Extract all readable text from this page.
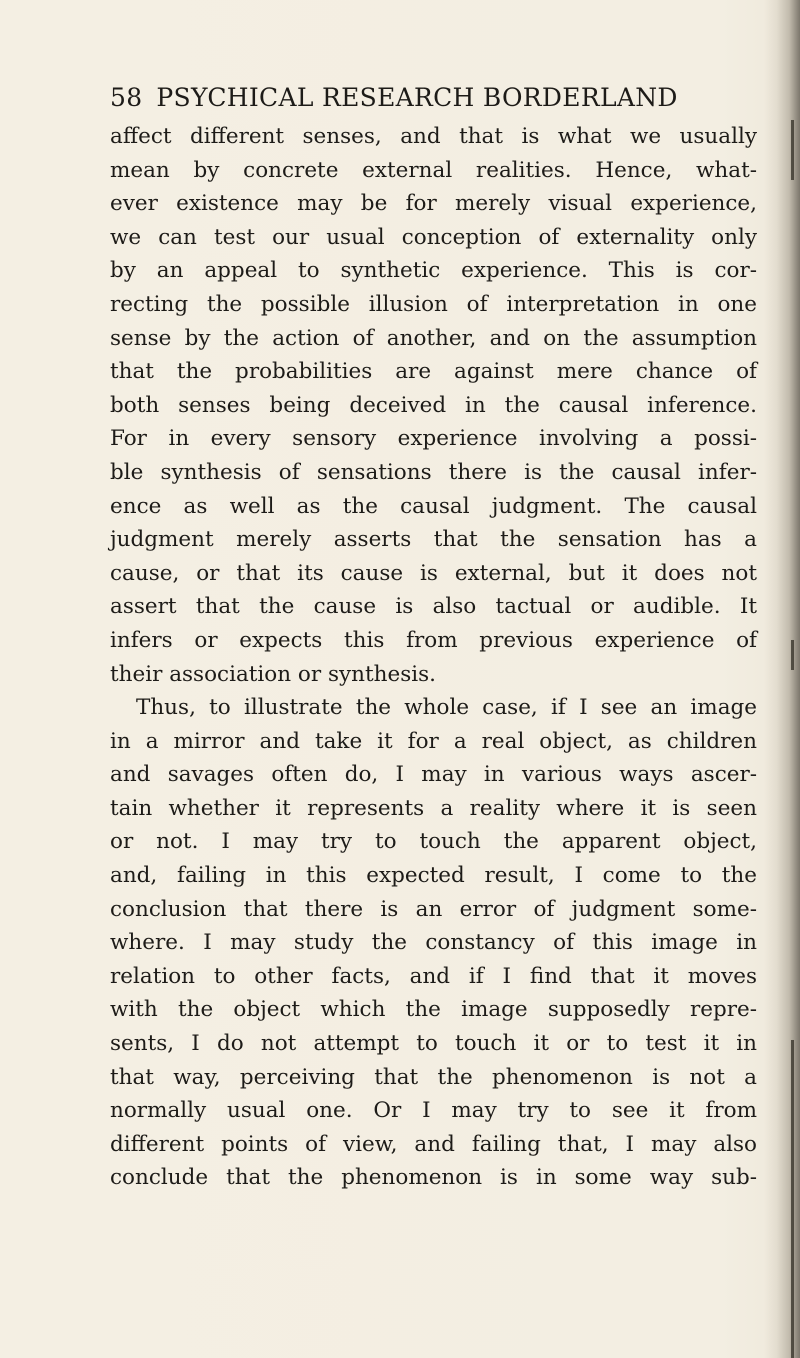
58 PSYCHICAL RESEARCH BORDERLAND
affect different senses, and that is what we usually
mean by concrete external realities. Hence, what-
ever existence may be for merely visual experience,
we can test our usual conception of externality only
by an appeal to synthetic experience. This is cor-
recting the possible illusion of interpretation in one
sense by the action of another, and on the assumption
that the probabilities are against mere chance of
both senses being deceived in the causal inference.
For in every sensory experience involving a possi-
ble synthesis of sensations there is the causal infer-
ence as well as the causal judgment. The causal
judgment merely asserts that the sensation has a
cause, or that its cause is external, but it does not
assert that the cause is also tactual or audible. It
infers or expects this from previous experience of
their association or synthesis.
Thus, to illustrate the whole case, if I see an image
in a mirror and take it for a real object, as children
and savages often do, I may in various ways ascer-
tain whether it represents a reality where it is seen
or not. I may try to touch the apparent object,
and, failing in this expected result, I come to the
conclusion that there is an error of judgment some-
where. I may study the constancy of this image in
relation to other facts, and if I find that it moves
with the object which the image supposedly repre-
sents, I do not attempt to touch it or to test it in
that way, perceiving that the phenomenon is not a
normally usual one. Or I may try to see it from
different points of view, and failing that, I may also
conclude that the phenomenon is in some way sub-
